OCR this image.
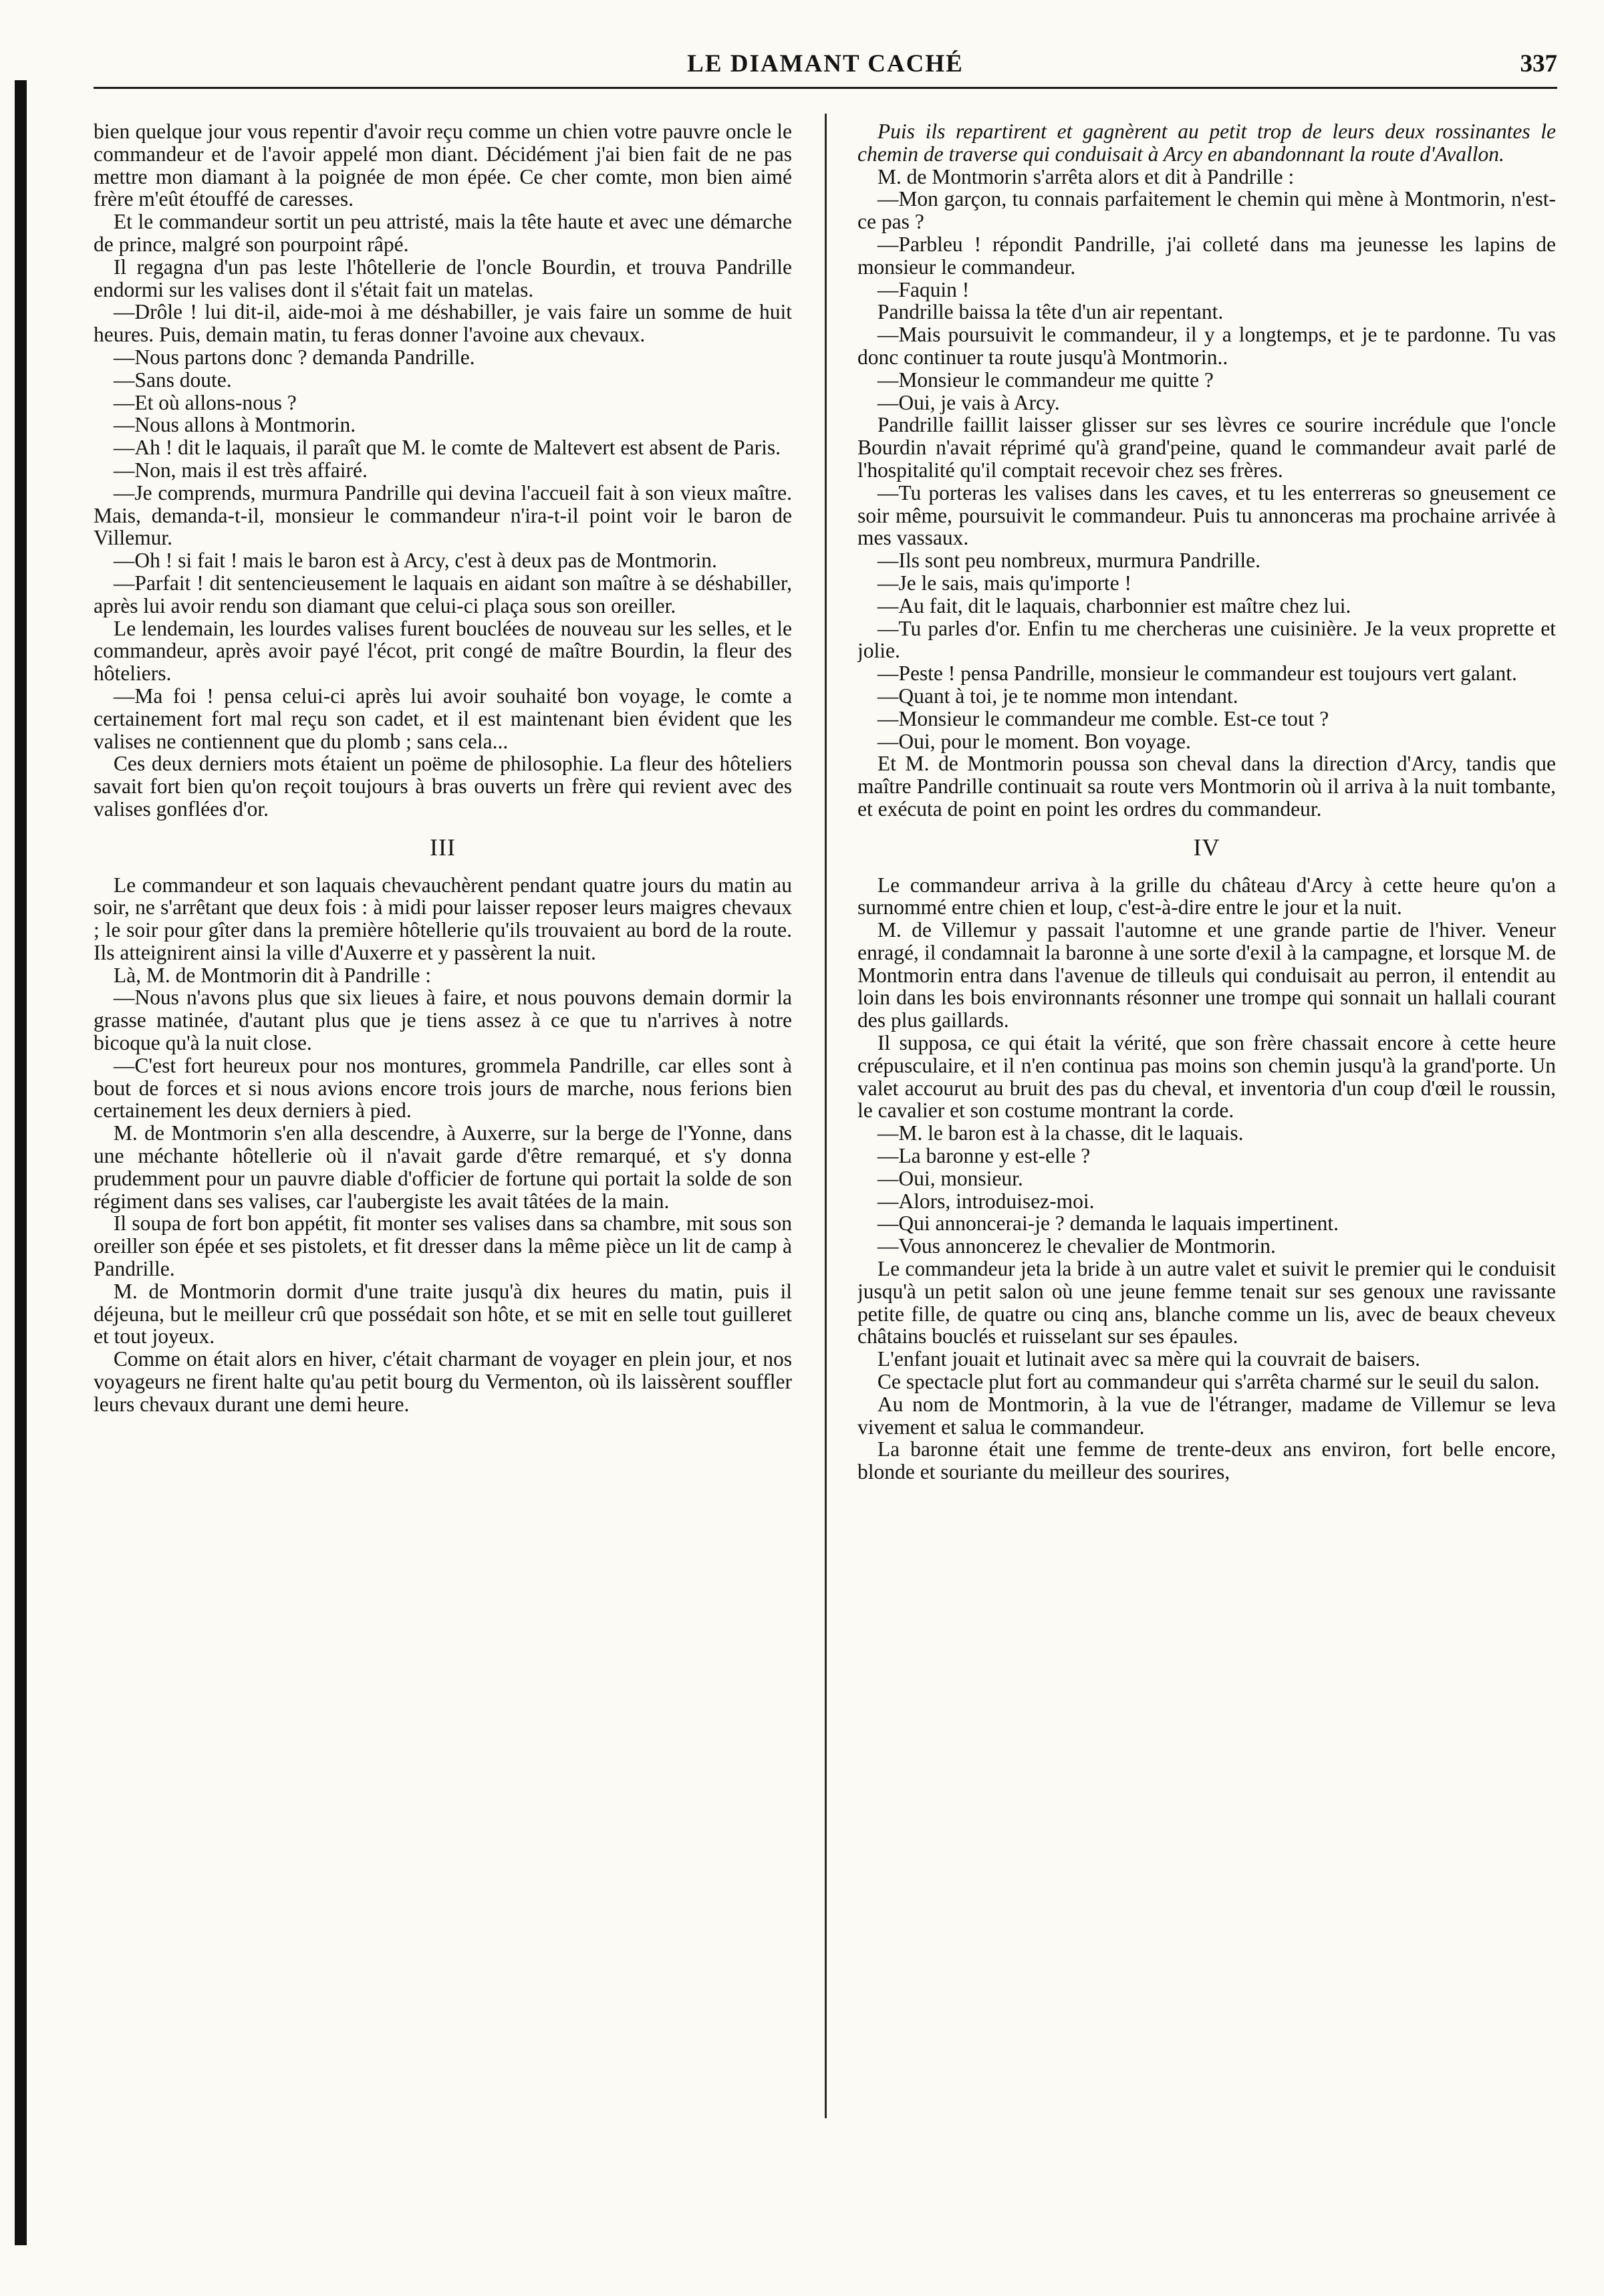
LE DIAMANT CACHÉ	337

bien quelque jour vous repentir d'avoir reçu comme un chien votre pauvre oncle le commandeur et de l'avoir appelé mon diant. Décidément j'ai bien fait de ne pas mettre mon diamant à la poignée de mon épée. Ce cher comte, mon bien aimé frère m'eût étouffé de caresses.

Et le commandeur sortit un peu attristé, mais la tête haute et avec une démarche de prince, malgré son pourpoint râpé.

Il regagna d'un pas leste l'hôtellerie de l'oncle Bourdin, et trouva Pandrille endormi sur les valises dont il s'était fait un matelas.

—Drôle ! lui dit-il, aide-moi à me déshabiller, je vais faire un somme de huit heures. Puis, demain matin, tu feras donner l'avoine aux chevaux.

—Nous partons donc ? demanda Pandrille.

—Sans doute.

—Et où allons-nous ?

—Nous allons à Montmorin.

—Ah ! dit le laquais, il paraît que M. le comte de Maltevert est absent de Paris.

—Non, mais il est très affairé.

—Je comprends, murmura Pandrille qui devina l'accueil fait à son vieux maître. Mais, demanda-t-il, monsieur le commandeur n'ira-t-il point voir le baron de Villemur.

—Oh ! si fait ! mais le baron est à Arcy, c'est à deux pas de Montmorin.

—Parfait ! dit sentencieusement le laquais en aidant son maître à se déshabiller, après lui avoir rendu son diamant que celui-ci plaça sous son oreiller.

Le lendemain, les lourdes valises furent bouclées de nouveau sur les selles, et le commandeur, après avoir payé l'écot, prit congé de maître Bourdin, la fleur des hôteliers.

—Ma foi ! pensa celui-ci après lui avoir souhaité bon voyage, le comte a certainement fort mal reçu son cadet, et il est maintenant bien évident que les valises ne contiennent que du plomb ; sans cela...

Ces deux derniers mots étaient un poëme de philosophie. La fleur des hôteliers savait fort bien qu'on reçoit toujours à bras ouverts un frère qui revient avec des valises gonflées d'or.

III

Le commandeur et son laquais chevauchèrent pendant quatre jours du matin au soir, ne s'arrêtant que deux fois : à midi pour laisser reposer leurs maigres chevaux ; le soir pour gîter dans la première hôtellerie qu'ils trouvaient au bord de la route. Ils atteignirent ainsi la ville d'Auxerre et y passèrent la nuit.

Là, M. de Montmorin dit à Pandrille :

—Nous n'avons plus que six lieues à faire, et nous pouvons demain dormir la grasse matinée, d'autant plus que je tiens assez à ce que tu n'arrives à notre bicoque qu'à la nuit close.

—C'est fort heureux pour nos montures, grommela Pandrille, car elles sont à bout de forces et si nous avions encore trois jours de marche, nous ferions bien certainement les deux derniers à pied.

M. de Montmorin s'en alla descendre, à Auxerre, sur la berge de l'Yonne, dans une méchante hôtellerie où il n'avait garde d'être remarqué, et s'y donna prudemment pour un pauvre diable d'officier de fortune qui portait la solde de son régiment dans ses valises, car l'aubergiste les avait tâtées de la main.

Il soupa de fort bon appétit, fit monter ses valises dans sa chambre, mit sous son oreiller son épée et ses pistolets, et fit dresser dans la même pièce un lit de camp à Pandrille.

M. de Montmorin dormit d'une traite jusqu'à dix heures du matin, puis il déjeuna, but le meilleur crû que possédait son hôte, et se mit en selle tout guilleret et tout joyeux.

Comme on était alors en hiver, c'était charmant de voyager en plein jour, et nos voyageurs ne firent halte qu'au petit bourg du Vermenton, où ils laissèrent souffler leurs chevaux durant une demi heure.

Puis ils repartirent et gagnèrent au petit trop de leurs deux rossinantes le chemin de traverse qui conduisait à Arcy en abandonnant la route d'Avallon.

M. de Montmorin s'arrêta alors et dit à Pandrille :

—Mon garçon, tu connais parfaitement le chemin qui mène à Montmorin, n'est-ce pas ?

—Parbleu ! répondit Pandrille, j'ai colleté dans ma jeunesse les lapins de monsieur le commandeur.

—Faquin !

Pandrille baissa la tête d'un air repentant.

—Mais poursuivit le commandeur, il y a longtemps, et je te pardonne. Tu vas donc continuer ta route jusqu'à Montmorin..

—Monsieur le commandeur me quitte ?

—Oui, je vais à Arcy.

Pandrille faillit laisser glisser sur ses lèvres ce sourire incrédule que l'oncle Bourdin n'avait réprimé qu'à grand'peine, quand le commandeur avait parlé de l'hospitalité qu'il comptait recevoir chez ses frères.

—Tu porteras les valises dans les caves, et tu les enterreras so gneusement ce soir même, poursuivit le commandeur. Puis tu annonceras ma prochaine arrivée à mes vassaux.

—Ils sont peu nombreux, murmura Pandrille.

—Je le sais, mais qu'importe !

—Au fait, dit le laquais, charbonnier est maître chez lui.

—Tu parles d'or. Enfin tu me chercheras une cuisinière. Je la veux proprette et jolie.

—Peste ! pensa Pandrille, monsieur le commandeur est toujours vert galant.

—Quant à toi, je te nomme mon intendant.

—Monsieur le commandeur me comble. Est-ce tout ?

—Oui, pour le moment. Bon voyage.

Et M. de Montmorin poussa son cheval dans la direction d'Arcy, tandis que maître Pandrille continuait sa route vers Montmorin où il arriva à la nuit tombante, et exécuta de point en point les ordres du commandeur.

IV

Le commandeur arriva à la grille du château d'Arcy à cette heure qu'on a surnommé entre chien et loup, c'est-à-dire entre le jour et la nuit.

M. de Villemur y passait l'automne et une grande partie de l'hiver. Veneur enragé, il condamnait la baronne à une sorte d'exil à la campagne, et lorsque M. de Montmorin entra dans l'avenue de tilleuls qui conduisait au perron, il entendit au loin dans les bois environnants résonner une trompe qui sonnait un hallali courant des plus gaillards.

Il supposa, ce qui était la vérité, que son frère chassait encore à cette heure crépusculaire, et il n'en continua pas moins son chemin jusqu'à la grand'porte. Un valet accourut au bruit des pas du cheval, et inventoria d'un coup d'œil le roussin, le cavalier et son costume montrant la corde.

—M. le baron est à la chasse, dit le laquais.

—La baronne y est-elle ?

—Oui, monsieur.

—Alors, introduisez-moi.

—Qui annoncerai-je ? demanda le laquais impertinent.

—Vous annoncerez le chevalier de Montmorin.

Le commandeur jeta la bride à un autre valet et suivit le premier qui le conduisit jusqu'à un petit salon où une jeune femme tenait sur ses genoux une ravissante petite fille, de quatre ou cinq ans, blanche comme un lis, avec de beaux cheveux châtains bouclés et ruisselant sur ses épaules.

L'enfant jouait et lutinait avec sa mère qui la couvrait de baisers.

Ce spectacle plut fort au commandeur qui s'arrêta charmé sur le seuil du salon.

Au nom de Montmorin, à la vue de l'étranger, madame de Villemur se leva vivement et salua le commandeur.

La baronne était une femme de trente-deux ans environ, fort belle encore, blonde et souriante du meilleur des sourires,
